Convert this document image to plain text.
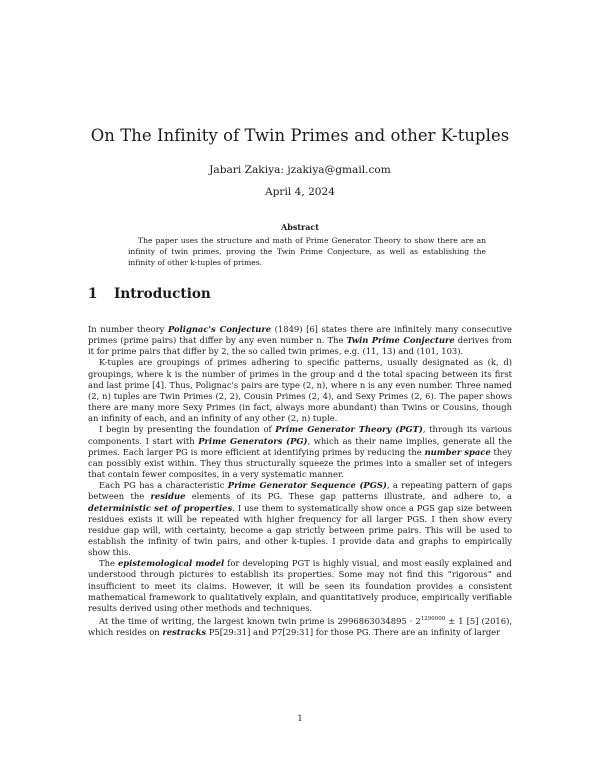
On The Infinity of Twin Primes and other K-tuples
Jabari Zakiya: jzakiya@gmail.com
April 4, 2024
Abstract
The paper uses the structure and math of Prime Generator Theory to show there are an infinity of twin primes, proving the Twin Prime Conjecture, as well as establishing the infinity of other k-tuples of primes.
1 Introduction

In number theory Polignac's Conjecture (1849) [6] states there are infinitely many consecutive primes (prime pairs) that differ by any even number n. The Twin Prime Conjecture derives from it for prime pairs that differ by 2, the so called twin primes, e.g. (11, 13) and (101, 103).

K-tuples are groupings of primes adhering to specific patterns, usually designated as (k, d) groupings, where k is the number of primes in the group and d the total spacing between its first and last prime [4]. Thus, Polignac's pairs are type (2, n), where n is any even number. Three named (2, n) tuples are Twin Primes (2, 2), Cousin Primes (2, 4), and Sexy Primes (2, 6). The paper shows there are many more Sexy Primes (in fact, always more abundant) than Twins or Cousins, though an infinity of each, and an infinity of any other (2, n) tuple.

I begin by presenting the foundation of Prime Generator Theory (PGT), through its various components. I start with Prime Generators (PG), which as their name implies, generate all the primes. Each larger PG is more efficient at identifying primes by reducing the number space they can possibly exist within. They thus structurally squeeze the primes into a smaller set of integers that contain fewer composites, in a very systematic manner.

Each PG has a characteristic Prime Generator Sequence (PGS), a repeating pattern of gaps between the residue elements of its PG. These gap patterns illustrate, and adhere to, a deterministic set of properties. I use them to systematically show once a PGS gap size between residues exists it will be repeated with higher frequency for all larger PGS. I then show every residue gap will, with certainty, become a gap strictly between prime pairs. This will be used to establish the infinity of twin pairs, and other k-tuples. I provide data and graphs to empirically show this.

The epistemological model for developing PGT is highly visual, and most easily explained and understood through pictures to establish its properties. Some may not find this “rigorous” and insufficient to meet its claims. However, it will be seen its foundation provides a consistent mathematical framework to qualitatively explain, and quantitatively produce, empirically verifiable results derived using other methods and techniques.

At the time of writing, the largest known twin prime is $2996863034895 \cdot 2^{1290000} \pm 1$ [5] (2016), which resides on restracks P5[29:31] and P7[29:31] for those PG. There are an infinity of larger

1
